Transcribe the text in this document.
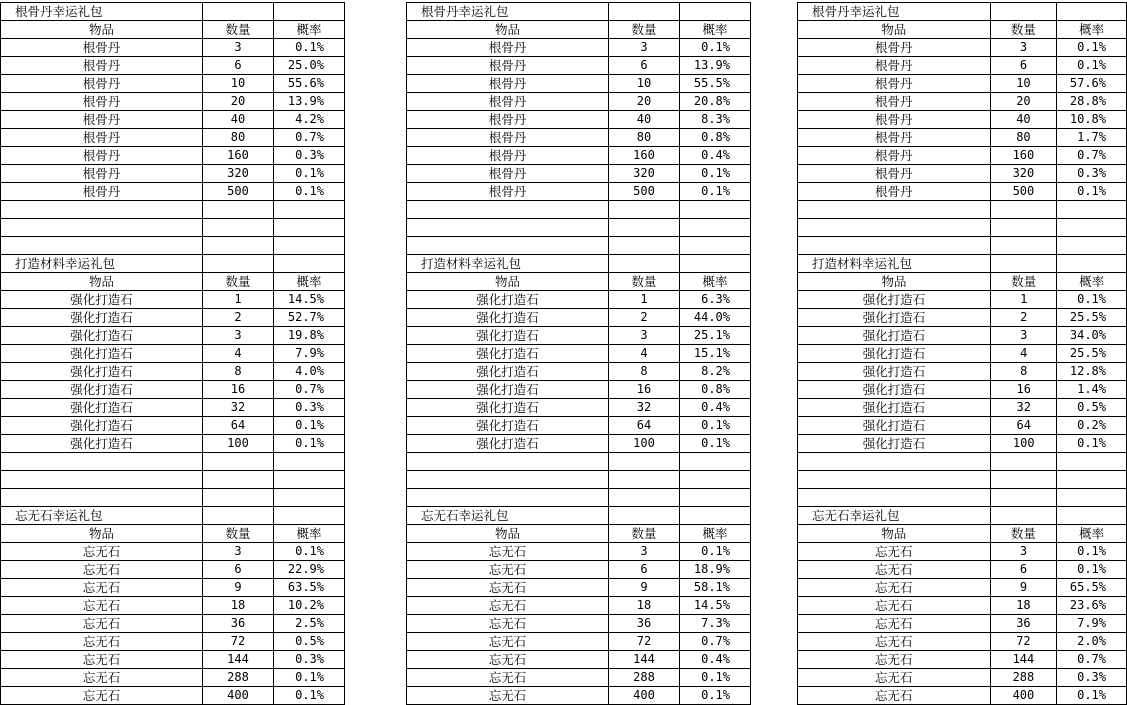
根骨丹幸运礼包		
物品	数量	概率
根骨丹	3	0.1%
根骨丹	6	25.0%
根骨丹	10	55.6%
根骨丹	20	13.9%
根骨丹	40	4.2%
根骨丹	80	0.7%
根骨丹	160	0.3%
根骨丹	320	0.1%
根骨丹	500	0.1%

打造材料幸运礼包		
物品	数量	概率
强化打造石	1	14.5%
强化打造石	2	52.7%
强化打造石	3	19.8%
强化打造石	4	7.9%
强化打造石	8	4.0%
强化打造石	16	0.7%
强化打造石	32	0.3%
强化打造石	64	0.1%
强化打造石	100	0.1%

忘无石幸运礼包		
物品	数量	概率
忘无石	3	0.1%
忘无石	6	22.9%
忘无石	9	63.5%
忘无石	18	10.2%
忘无石	36	2.5%
忘无石	72	0.5%
忘无石	144	0.3%
忘无石	288	0.1%
忘无石	400	0.1%
根骨丹幸运礼包		
物品	数量	概率
根骨丹	3	0.1%
根骨丹	6	13.9%
根骨丹	10	55.5%
根骨丹	20	20.8%
根骨丹	40	8.3%
根骨丹	80	0.8%
根骨丹	160	0.4%
根骨丹	320	0.1%
根骨丹	500	0.1%

打造材料幸运礼包		
物品	数量	概率
强化打造石	1	6.3%
强化打造石	2	44.0%
强化打造石	3	25.1%
强化打造石	4	15.1%
强化打造石	8	8.2%
强化打造石	16	0.8%
强化打造石	32	0.4%
强化打造石	64	0.1%
强化打造石	100	0.1%

忘无石幸运礼包		
物品	数量	概率
忘无石	3	0.1%
忘无石	6	18.9%
忘无石	9	58.1%
忘无石	18	14.5%
忘无石	36	7.3%
忘无石	72	0.7%
忘无石	144	0.4%
忘无石	288	0.1%
忘无石	400	0.1%
根骨丹幸运礼包		
物品	数量	概率
根骨丹	3	0.1%
根骨丹	6	0.1%
根骨丹	10	57.6%
根骨丹	20	28.8%
根骨丹	40	10.8%
根骨丹	80	1.7%
根骨丹	160	0.7%
根骨丹	320	0.3%
根骨丹	500	0.1%

打造材料幸运礼包		
物品	数量	概率
强化打造石	1	0.1%
强化打造石	2	25.5%
强化打造石	3	34.0%
强化打造石	4	25.5%
强化打造石	8	12.8%
强化打造石	16	1.4%
强化打造石	32	0.5%
强化打造石	64	0.2%
强化打造石	100	0.1%

忘无石幸运礼包		
物品	数量	概率
忘无石	3	0.1%
忘无石	6	0.1%
忘无石	9	65.5%
忘无石	18	23.6%
忘无石	36	7.9%
忘无石	72	2.0%
忘无石	144	0.7%
忘无石	288	0.3%
忘无石	400	0.1%
